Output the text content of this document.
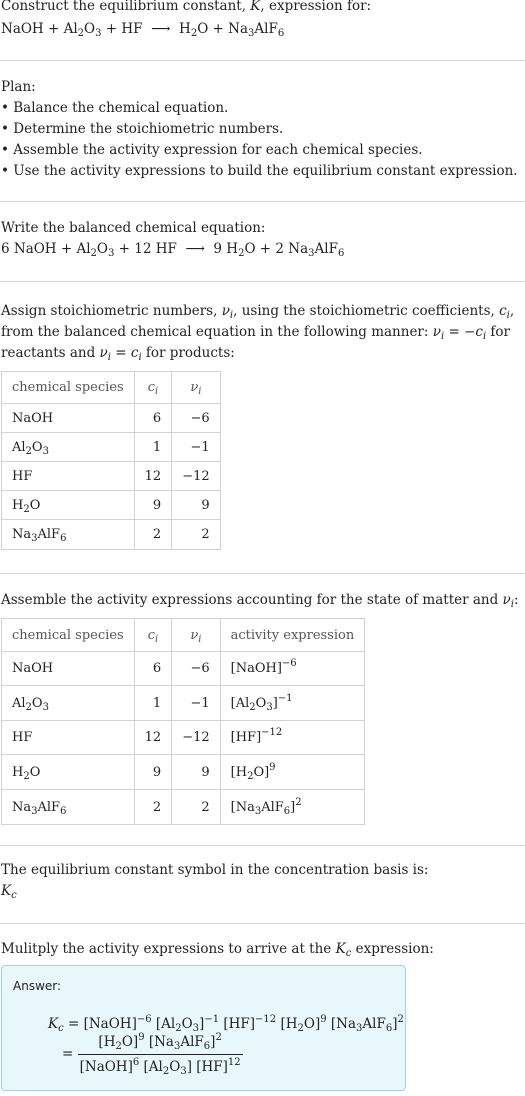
Construct the equilibrium constant, K, expression for:
NaOH + $Al_2O_3$ + HF  ⟶  $H_2O + Na_3AlF_6$
Plan:
• Balance the chemical equation.
• Determine the stoichiometric numbers.
• Assemble the activity expression for each chemical species.
• Use the activity expressions to build the equilibrium constant expression.
Write the balanced chemical equation:
6 NaOH + $Al_2O_3 + 12$ HF  ⟶  9 $H_2O + 2$ $Na_3AlF_6$
Assign stoichiometric numbers, $\nu_i$, using the stoichiometric coefficients, $c_i$, from the balanced chemical equation in the following manner: $\nu_i = -c_i$ for reactants and $\nu_i = c_i$ for products:
chemical species	$c_i$	$\nu_i$
NaOH	6	−6
$Al_2O_3$	1	−1
HF	12	−12
$H_2O$	9	9
$Na_3AlF_6$	2	2
Assemble the activity expressions accounting for the state of matter and $\nu_i$:
chemical species	$c_i$	$\nu_i$	activity expression
NaOH	6	−6	[NaOH]$^{-6}$
$Al_2O_3$	1	−1	$[Al_2O_3]^{-1}$
HF	12	−12	[HF]$^{-12}$
$H_2O$	9	9	$[H_2O]^9$
$Na_3AlF_6$	2	2	$[Na_3AlF_6]^2$
The equilibrium constant symbol in the concentration basis is:
$K_c$
Mulitply the activity expressions to arrive at the $K_c$ expression:
Answer:
$K_c$ = [NaOH]$^{-6}$ $[Al_2O_3]^{-1}$ [HF]$^{-12}$ $[H_2O]^9$ $[Na_3AlF_6]^2$
= $\frac{[H_2O]^9 [Na_3AlF_6]^2}{[NaOH]^6 [Al_2O_3] [HF]^{12}}$
